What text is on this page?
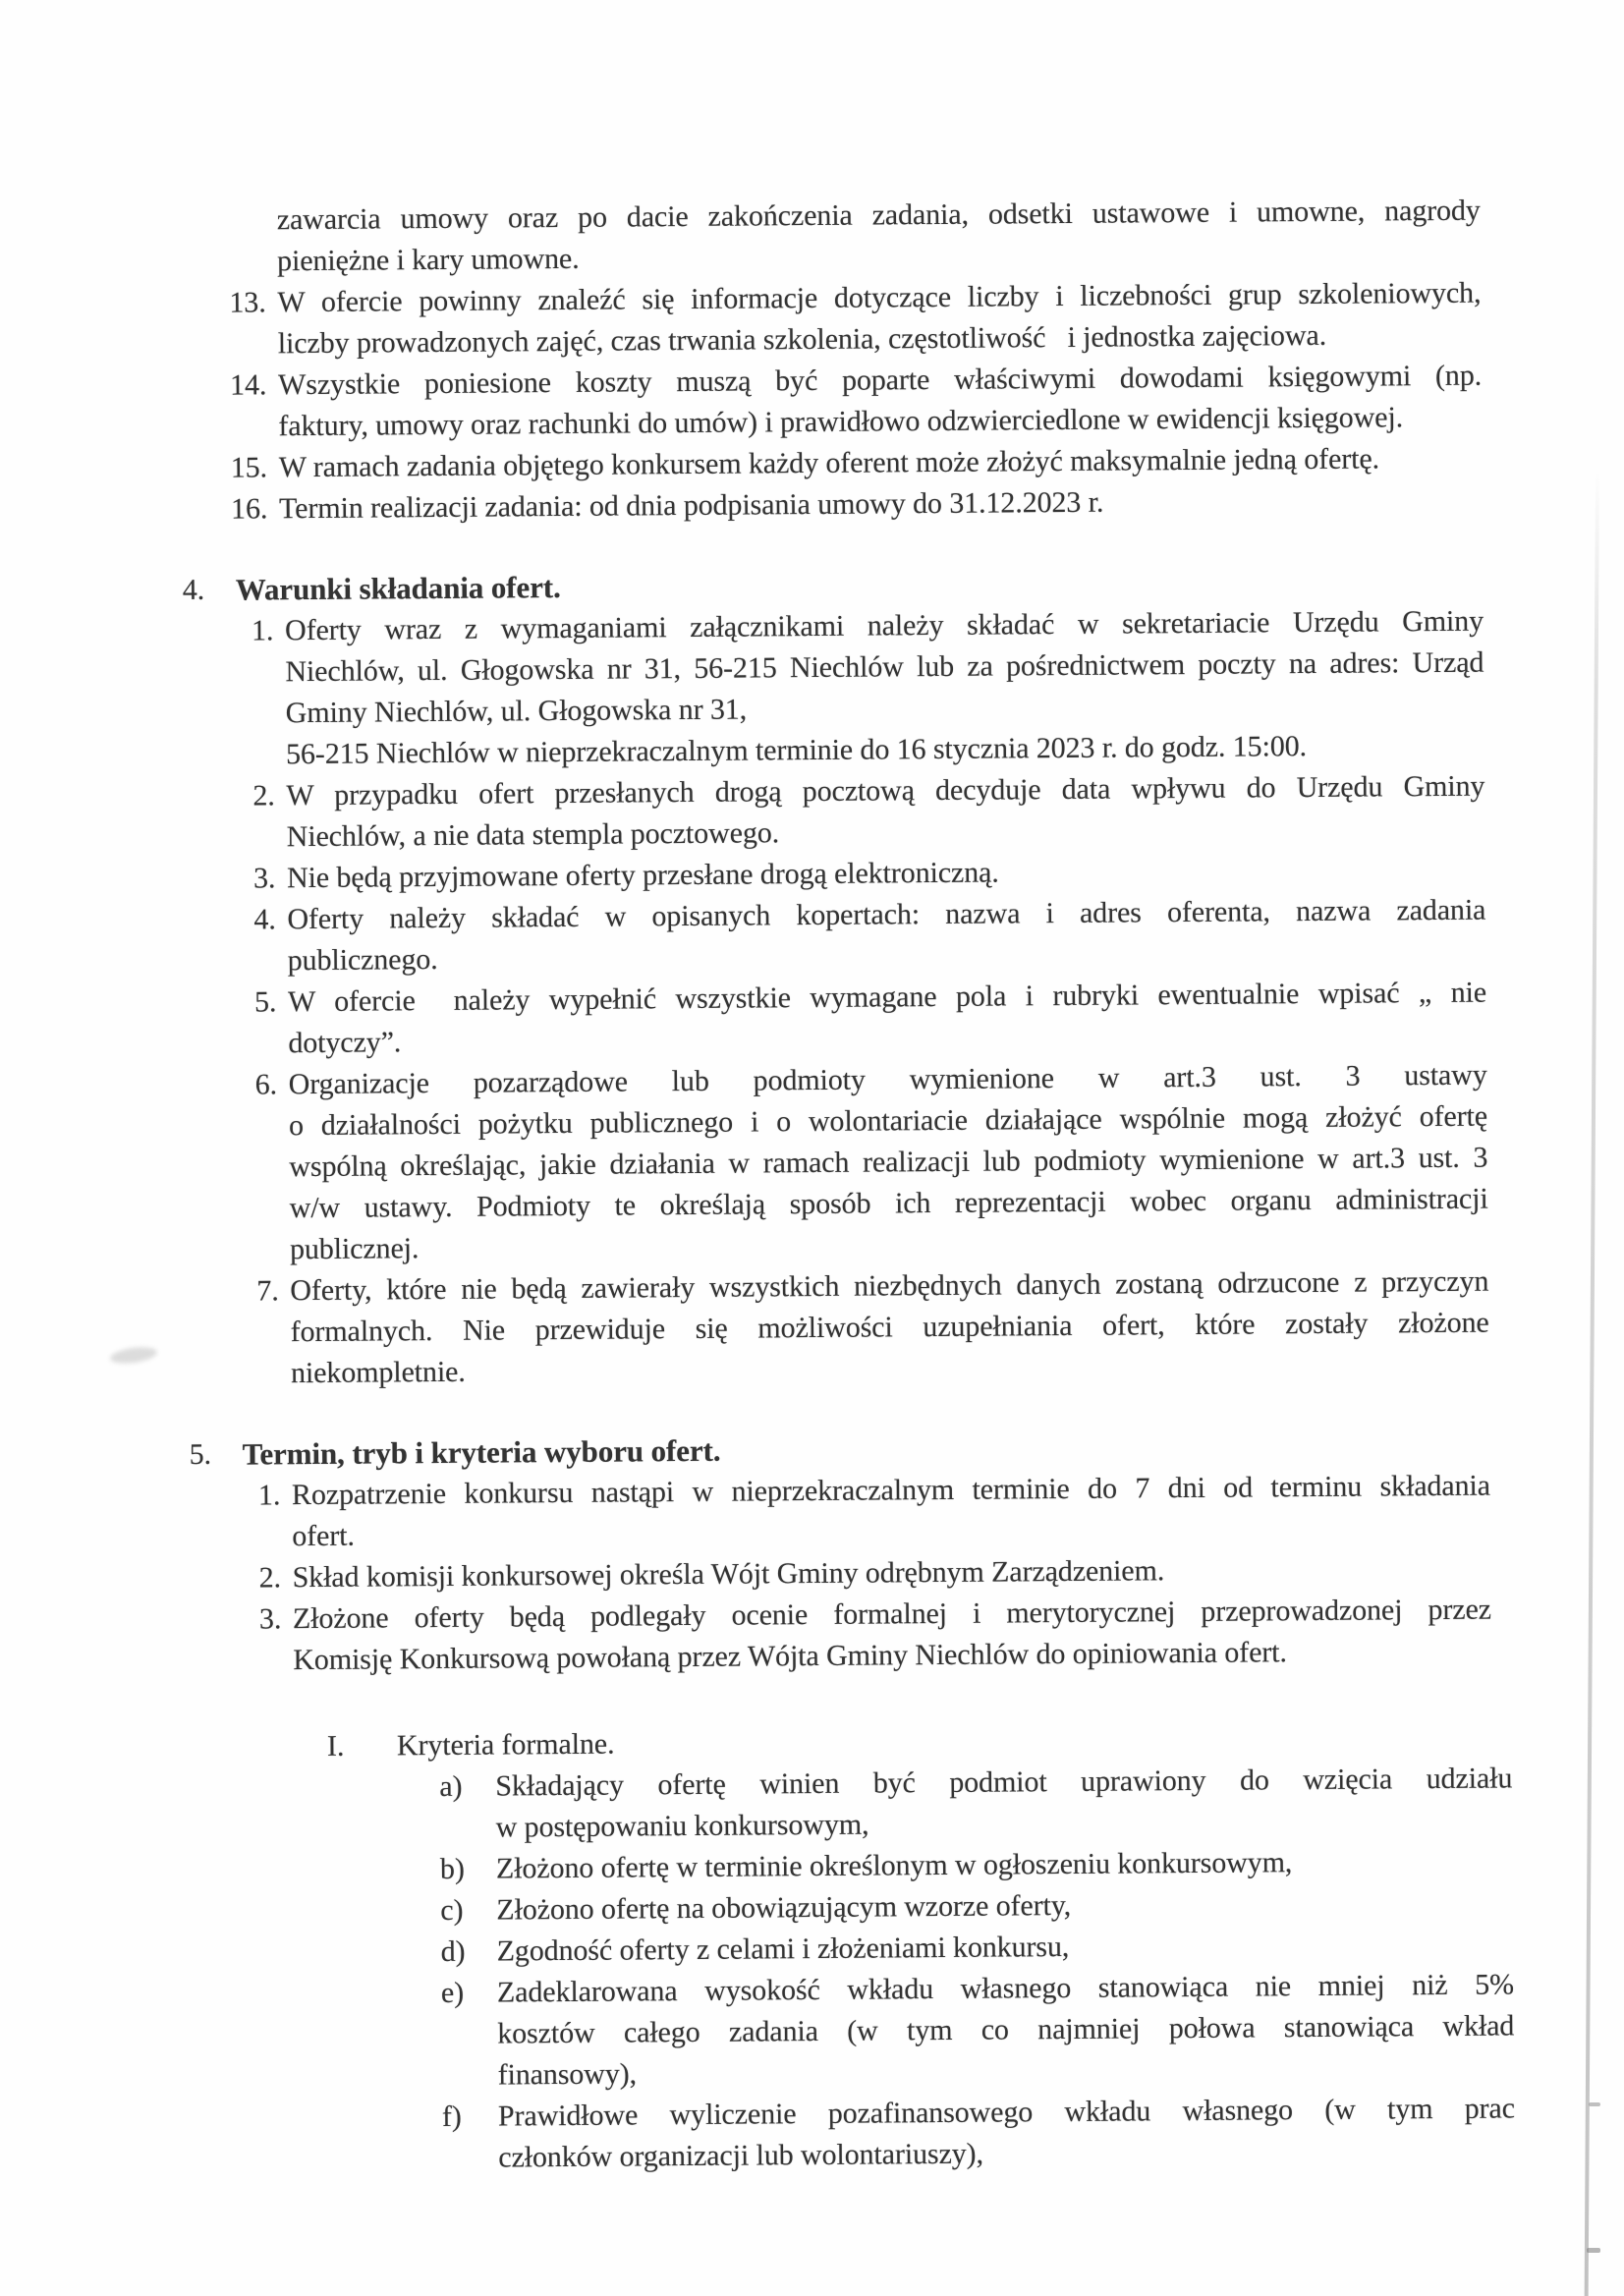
zawarcia umowy oraz po dacie zakończenia zadania, odsetki ustawowe i umowne, nagrody
pieniężne i kary umowne.
13. W ofercie powinny znaleźć się informacje dotyczące liczby i liczebności grup szkoleniowych,
liczby prowadzonych zajęć, czas trwania szkolenia, częstotliwość   i jednostka zajęciowa.
14. Wszystkie poniesione koszty muszą być poparte właściwymi dowodami księgowymi (np.
faktury, umowy oraz rachunki do umów) i prawidłowo odzwierciedlone w ewidencji księgowej.
15. W ramach zadania objętego konkursem każdy oferent może złożyć maksymalnie jedną ofertę.
16. Termin realizacji zadania: od dnia podpisania umowy do 31.12.2023 r.
4. Warunki składania ofert.
1. Oferty wraz z wymaganiami załącznikami należy składać w sekretariacie Urzędu Gminy
Niechlów, ul. Głogowska nr 31, 56-215 Niechlów lub za pośrednictwem poczty na adres: Urząd
Gminy Niechlów, ul. Głogowska nr 31,
56-215 Niechlów w nieprzekraczalnym terminie do 16 stycznia 2023 r. do godz. 15:00.
2. W przypadku ofert przesłanych drogą pocztową decyduje data wpływu do Urzędu Gminy
Niechlów, a nie data stempla pocztowego.
3. Nie będą przyjmowane oferty przesłane drogą elektroniczną.
4. Oferty należy składać w opisanych kopertach: nazwa i adres oferenta, nazwa zadania
publicznego.
5. W ofercie  należy wypełnić wszystkie wymagane pola i rubryki ewentualnie wpisać „ nie
dotyczy”.
6. Organizacje pozarządowe lub podmioty wymienione w art.3 ust. 3 ustawy
o działalności pożytku publicznego i o wolontariacie działające wspólnie mogą złożyć ofertę
wspólną określając, jakie działania w ramach realizacji lub podmioty wymienione w art.3 ust. 3
w/w ustawy. Podmioty te określają sposób ich reprezentacji wobec organu administracji
publicznej.
7. Oferty, które nie będą zawierały wszystkich niezbędnych danych zostaną odrzucone z przyczyn
formalnych. Nie przewiduje się możliwości uzupełniania ofert, które zostały złożone
niekompletnie.
5. Termin, tryb i kryteria wyboru ofert.
1. Rozpatrzenie konkursu nastąpi w nieprzekraczalnym terminie do 7 dni od terminu składania
ofert.
2. Skład komisji konkursowej określa Wójt Gminy odrębnym Zarządzeniem.
3. Złożone oferty będą podlegały ocenie formalnej i merytorycznej przeprowadzonej przez
Komisję Konkursową powołaną przez Wójta Gminy Niechlów do opiniowania ofert.
I. Kryteria formalne.
a)	Składający ofertę winien być podmiot uprawiony do wzięcia udziału
w postępowaniu konkursowym,
b)	Złożono ofertę w terminie określonym w ogłoszeniu konkursowym,
c)	Złożono ofertę na obowiązującym wzorze oferty,
d)	Zgodność oferty z celami i złożeniami konkursu,
e)	Zadeklarowana wysokość wkładu własnego stanowiąca nie mniej niż 5%
kosztów całego zadania (w tym co najmniej połowa stanowiąca wkład
finansowy),
f)	Prawidłowe wyliczenie pozafinansowego wkładu własnego (w tym prac
członków organizacji lub wolontariuszy),
